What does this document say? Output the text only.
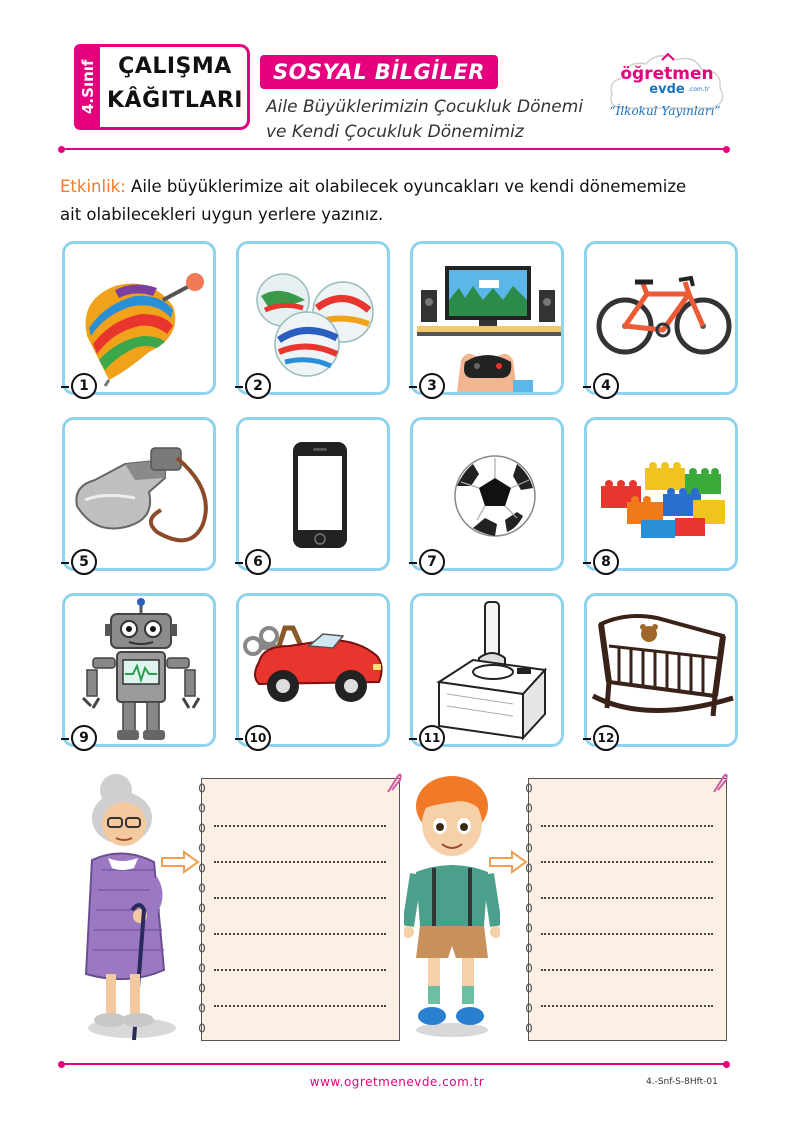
4.Sınıf ÇALIŞMA
KÂĞITLARI
SOSYAL BİLGİLER
Aile Büyüklerimizin Çocukluk Dönemi
ve Kendi Çocukluk Dönemimiz
öğretmen
evde .com.tr
“İlkokul Yayınları”
Etkinlik: Aile büyüklerimize ait olabilecek oyuncakları ve kendi dönememize ait olabilecekleri uygun yerlere yazınız.
1	2	3	4
5	6	7	8
9	10	11	12
www.ogretmenevde.com.tr	4.-Snf-S-8Hft-01
